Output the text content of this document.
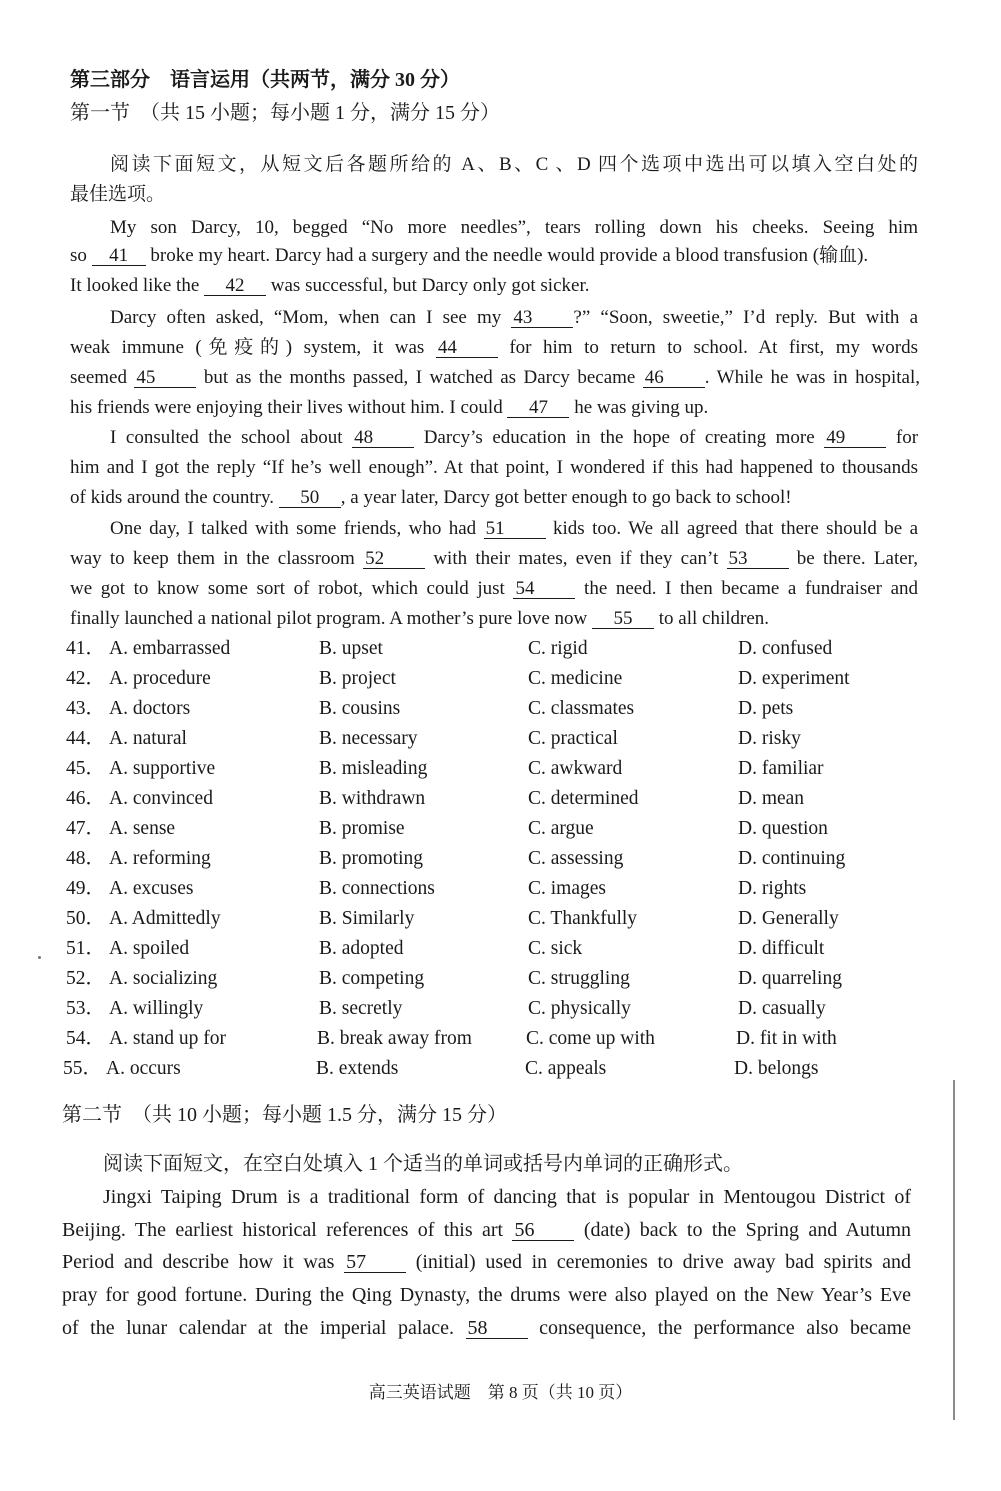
第三部分　语言运用（共两节，满分 30 分）
第一节　（共 15 小题；每小题 1 分，满分 15 分）
阅读下面短文，从短文后各题所给的 A、B、C 、D 四个选项中选出可以填入空白处的
最佳选项。
My son Darcy, 10, begged “No more needles”, tears rolling down his cheeks. Seeing him
so 41 broke my heart. Darcy had a surgery and the needle would provide a blood transfusion (输血).
It looked like the 42 was successful, but Darcy only got sicker.
Darcy often asked, “Mom, when can I see my 43 ?” “Soon, sweetie,” I’d reply. But with a
weak immune (免疫的) system, it was 44	for him to return to school. At first, my words
seemed 45	but as the months passed, I watched as Darcy became 46 . While he was in hospital,
his friends were enjoying their lives without him. I could 47 he was giving up.
I consulted the school about 48	Darcy’s education in the hope of creating more 49	for
him and I got the reply “If he’s well enough”. At that point, I wondered if this had happened to thousands
of kids around the country. 50 , a year later, Darcy got better enough to go back to school!
One day, I talked with some friends, who had 51	kids too. We all agreed that there should be a
way to keep them in the classroom 52	with their mates, even if they can’t 53	be there. Later,
we got to know some sort of robot, which could just 54	the need. I then became a fundraiser and
finally launched a national pilot program. A mother’s pure love now 55 to all children.
41． A. embarrassed	B. upset	C. rigid	D. confused
42． A. procedure	B. project	C. medicine	D. experiment
43． A. doctors	B. cousins	C. classmates	D. pets
44． A. natural	B. necessary	C. practical	D. risky
45． A. supportive	B. misleading	C. awkward	D. familiar
46． A. convinced	B. withdrawn	C. determined	D. mean
47． A. sense	B. promise	C. argue	D. question
48． A. reforming	B. promoting	C. assessing	D. continuing
49． A. excuses	B. connections	C. images	D. rights
50． A. Admittedly	B. Similarly	C. Thankfully	D. Generally
51． A. spoiled	B. adopted	C. sick	D. difficult
52． A. socializing	B. competing	C. struggling	D. quarreling
53． A. willingly	B. secretly	C. physically	D. casually
54． A. stand up for	B. break away from	C. come up with	D. fit in with
55． A. occurs	B. extends	C. appeals	D. belongs
第二节　（共 10 小题；每小题 1.5 分，满分 15 分）
阅读下面短文，在空白处填入 1 个适当的单词或括号内单词的正确形式。
Jingxi Taiping Drum is a traditional form of dancing that is popular in Mentougou District of
Beijing. The earliest historical references of this art 56 (date) back to the Spring and Autumn
Period and describe how it was 57 (initial) used in ceremonies to drive away bad spirits and
pray for good fortune. During the Qing Dynasty, the drums were also played on the New Year’s Eve
of the lunar calendar at the imperial palace. 58	consequence, the performance also became
高三英语试题　第 8 页（共 10 页）
